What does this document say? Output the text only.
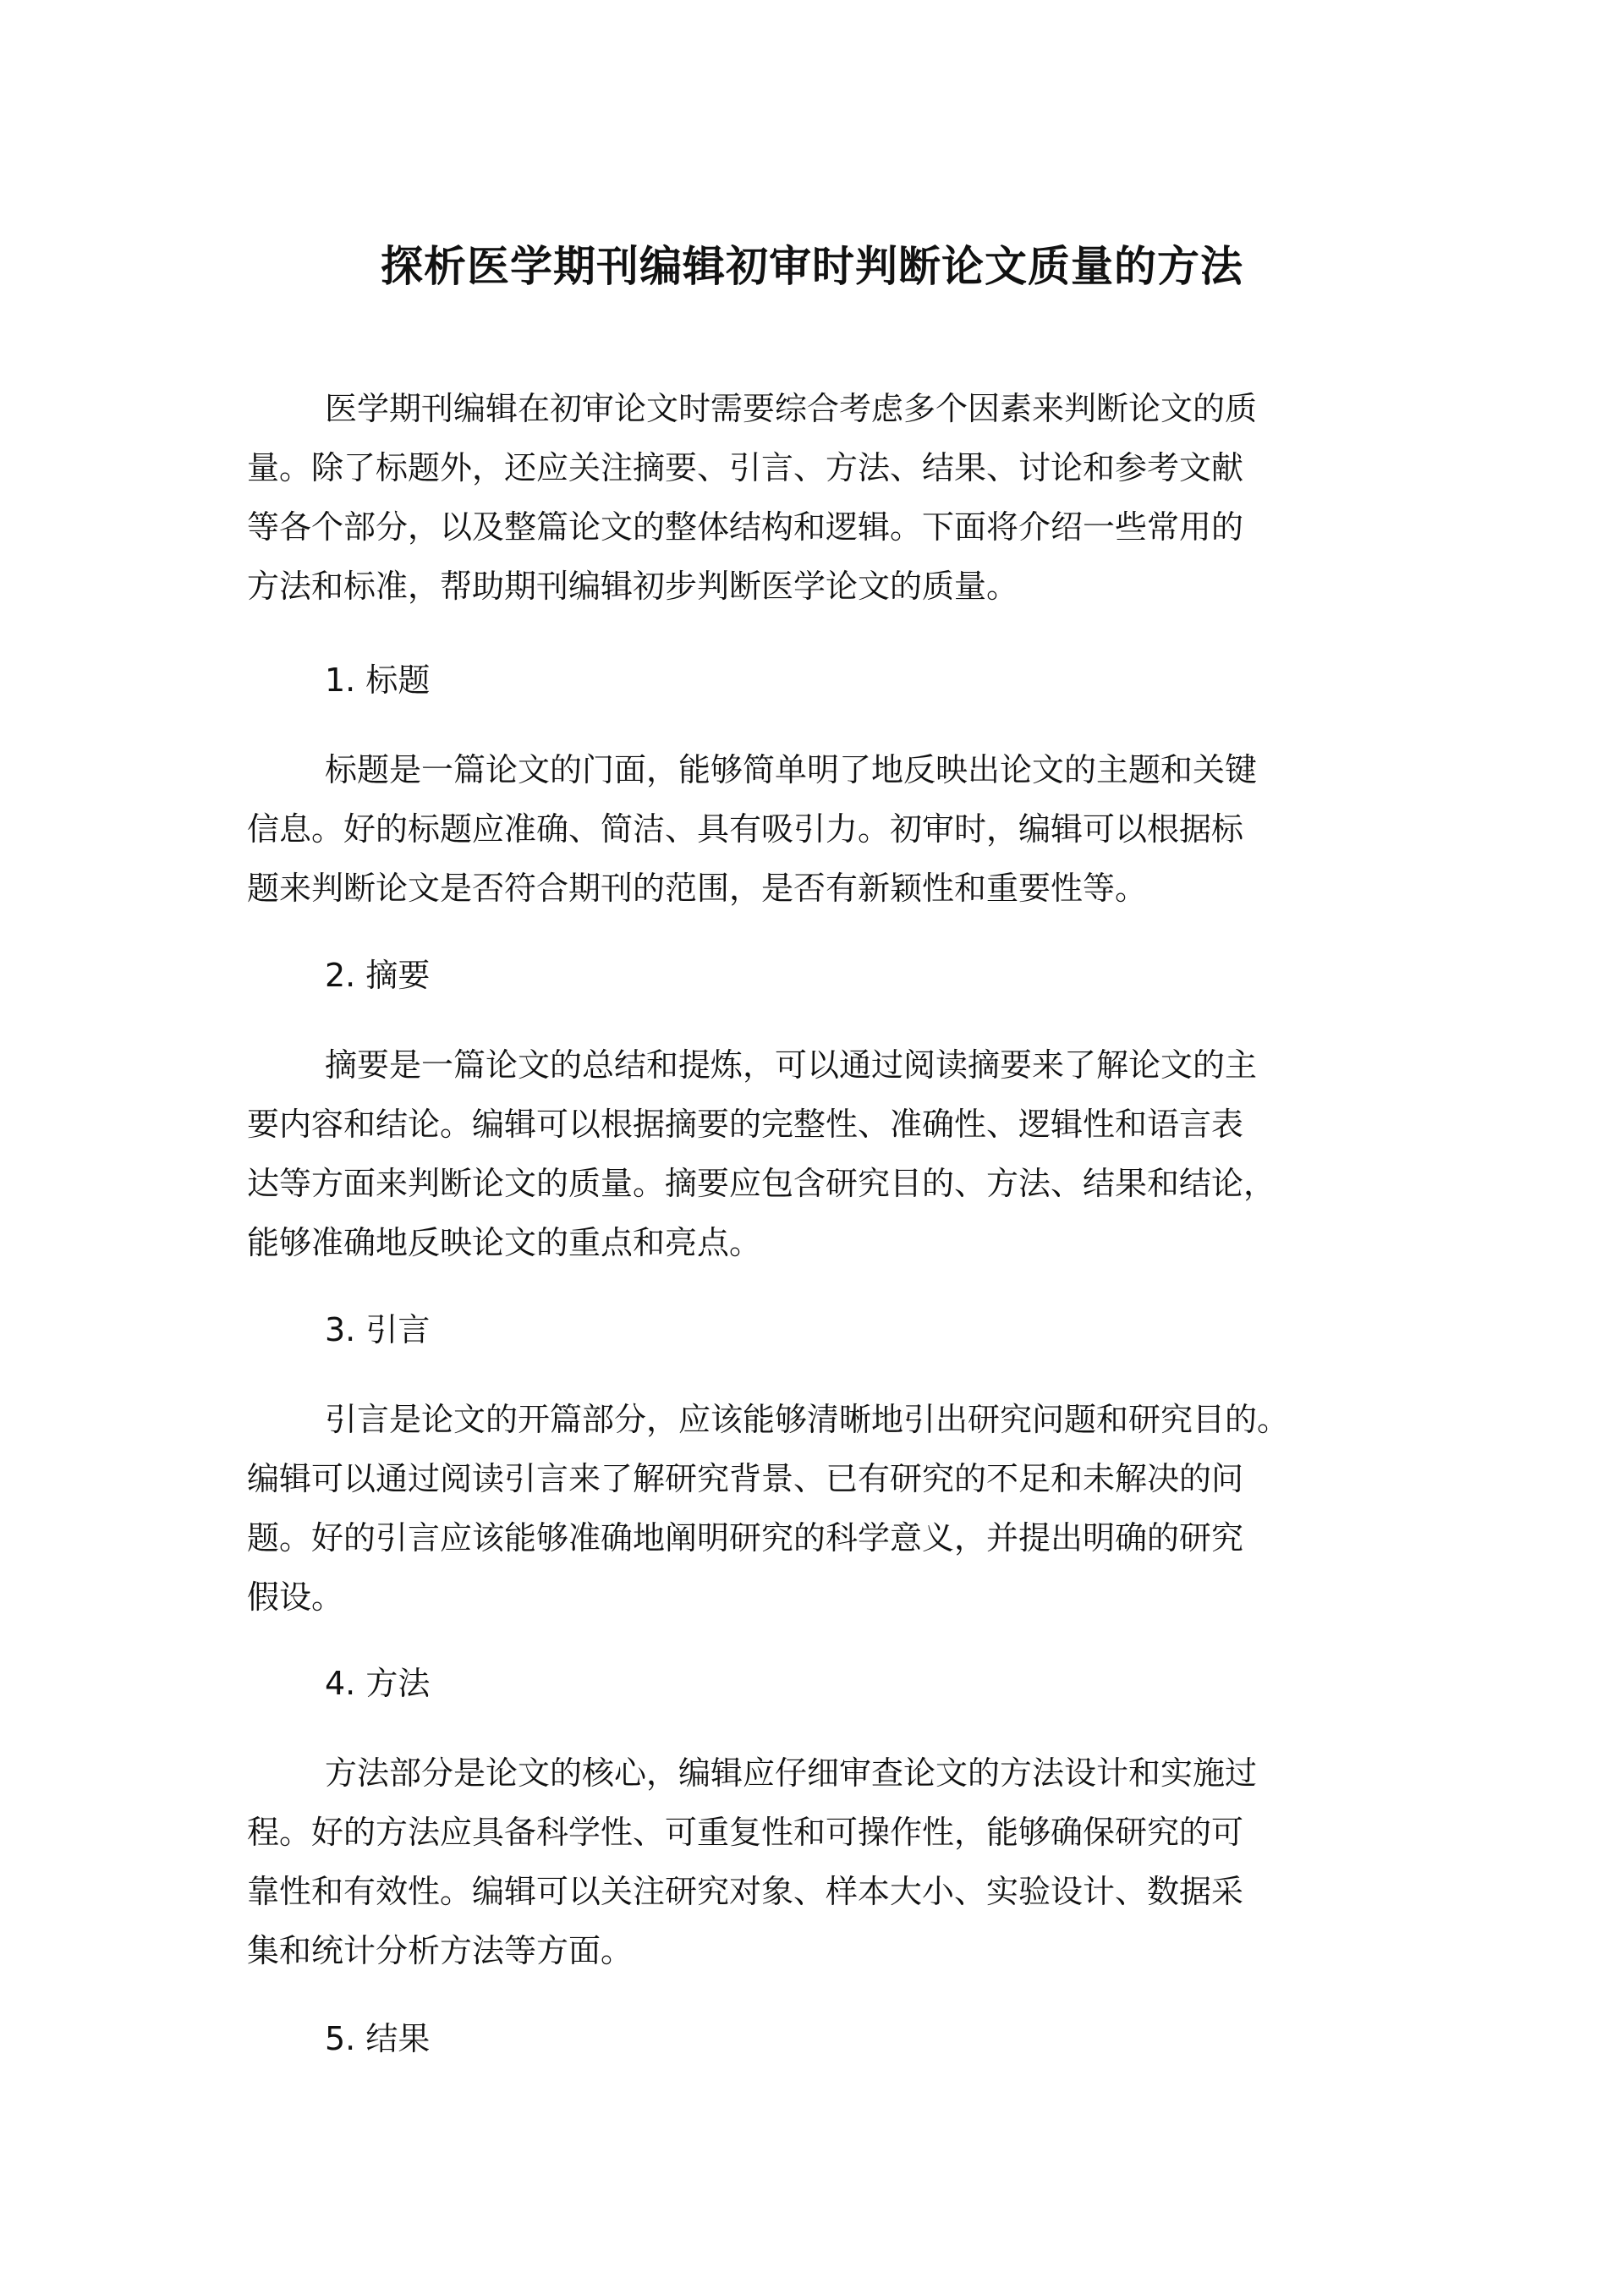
探析医学期刊编辑初审时判断论文质量的方法

医学期刊编辑在初审论文时需要综合考虑多个因素来判断论文的质
量。除了标题外，还应关注摘要、引言、方法、结果、讨论和参考文献
等各个部分，以及整篇论文的整体结构和逻辑。下面将介绍一些常用的
方法和标准，帮助期刊编辑初步判断医学论文的质量。

1. 标题

标题是一篇论文的门面，能够简单明了地反映出论文的主题和关键
信息。好的标题应准确、简洁、具有吸引力。初审时，编辑可以根据标
题来判断论文是否符合期刊的范围，是否有新颖性和重要性等。

2. 摘要

摘要是一篇论文的总结和提炼，可以通过阅读摘要来了解论文的主
要内容和结论。编辑可以根据摘要的完整性、准确性、逻辑性和语言表
达等方面来判断论文的质量。摘要应包含研究目的、方法、结果和结论，
能够准确地反映论文的重点和亮点。

3. 引言

引言是论文的开篇部分，应该能够清晰地引出研究问题和研究目的。
编辑可以通过阅读引言来了解研究背景、已有研究的不足和未解决的问
题。好的引言应该能够准确地阐明研究的科学意义，并提出明确的研究
假设。

4. 方法

方法部分是论文的核心，编辑应仔细审查论文的方法设计和实施过
程。好的方法应具备科学性、可重复性和可操作性，能够确保研究的可
靠性和有效性。编辑可以关注研究对象、样本大小、实验设计、数据采
集和统计分析方法等方面。

5. 结果
